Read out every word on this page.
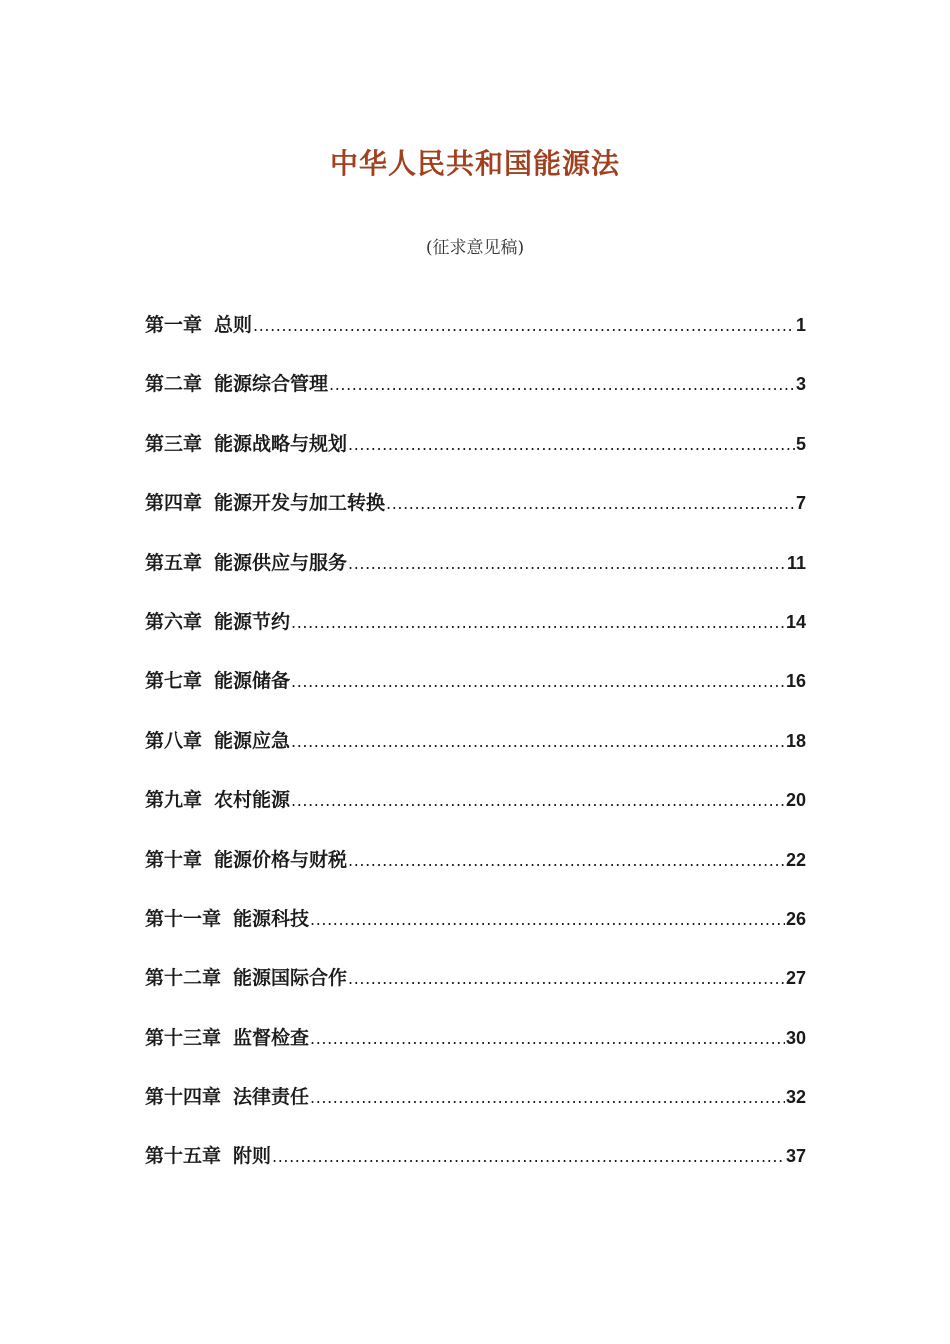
中华人民共和国能源法
(征求意见稿)
第一章 总则 .....	1
第二章 能源综合管理 .....	3
第三章 能源战略与规划 .....	5
第四章 能源开发与加工转换 .....	7
第五章 能源供应与服务 .....	11
第六章 能源节约 .....	14
第七章 能源储备 .....	16
第八章 能源应急 .....	18
第九章 农村能源 .....	20
第十章 能源价格与财税 .....	22
第十一章 能源科技 .....	26
第十二章 能源国际合作 .....	27
第十三章 监督检查 .....	30
第十四章 法律责任 .....	32
第十五章 附则 .....	37
